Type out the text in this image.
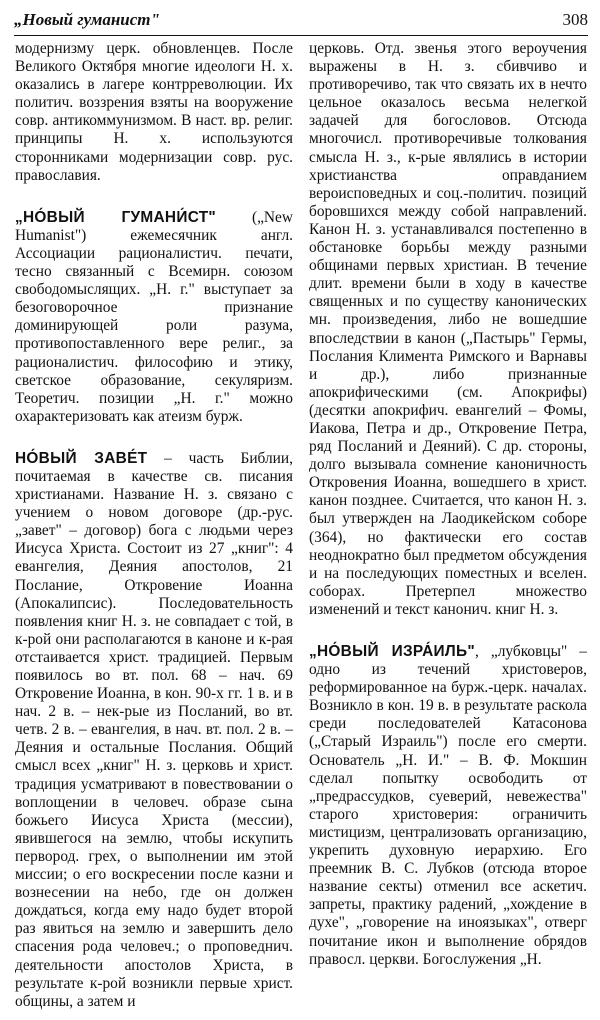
„Новый гуманист"	308

модернизму церк. обновленцев. После Великого Октября многие идеологи Н. х. оказались в лагере контрреволюции. Их политич. воззрения взяты на вооружение совр. антикоммунизмом. В наст. вр. религ. принципы Н. х. используются сторонниками модернизации совр. рус. православия.

„НО́ВЫЙ ГУМАНИ́СТ" („New Humanist") ежемесячник англ. Ассоциации рационалистич. печати, тесно связанный с Всемирн. союзом свободомыслящих. „Н. г." выступает за безоговорочное признание доминирующей роли разума, противопоставленного вере религ., за рационалистич. философию и этику, светское образование, секуляризм. Теоретич. позиции „Н. г." можно охарактеризовать как атеизм бурж.

НО́ВЫЙ ЗАВЕ́Т – часть Библии, почитаемая в качестве св. писания христианами. Название Н. з. связано с учением о новом договоре (др.-рус. „завет" – договор) бога с людьми через Иисуса Христа. Состоит из 27 „книг": 4 евангелия, Деяния апостолов, 21 Послание, Откровение Иоанна (Апокалипсис). Последовательность появления книг Н. з. не совпадает с той, в к-рой они располагаются в каноне и к-рая отстаивается христ. традицией. Первым появилось во вт. пол. 68 – нач. 69 Откровение Иоанна, в кон. 90-х гг. 1 в. и в нач. 2 в. – нек-рые из Посланий, во вт. четв. 2 в. – евангелия, в нач. вт. пол. 2 в. – Деяния и остальные Послания. Общий смысл всех „книг" Н. з. церковь и христ. традиция усматривают в повествовании о воплощении в человеч. образе сына божьего Иисуса Христа (мессии), явившегося на землю, чтобы искупить первород. грех, о выполнении им этой миссии; о его воскресении после казни и вознесении на небо, где он должен дождаться, когда ему надо будет второй раз явиться на землю и завершить дело спасения рода человеч.; о проповеднич. деятельности апостолов Христа, в результате к-рой возникли первые христ. общины, а затем и

церковь. Отд. звенья этого вероучения выражены в Н. з. сбивчиво и противоречиво, так что связать их в нечто цельное оказалось весьма нелегкой задачей для богословов. Отсюда многочисл. противоречивые толкования смысла Н. з., к-рые являлись в истории христианства оправданием вероисповедных и соц.-политич. позиций боровшихся между собой направлений. Канон Н. з. устанавливался постепенно в обстановке борьбы между разными общинами первых христиан. В течение длит. времени были в ходу в качестве священных и по существу канонических мн. произведения, либо не вошедшие впоследствии в канон („Пастырь" Гермы, Послания Климента Римского и Варнавы и др.), либо признанные апокрифическими (см. Апокрифы) (десятки апокрифич. евангелий – Фомы, Иакова, Петра и др., Откровение Петра, ряд Посланий и Деяний). С др. стороны, долго вызывала сомнение каноничность Откровения Иоанна, вошедшего в христ. канон позднее. Считается, что канон Н. з. был утвержден на Лаодикейском соборе (364), но фактически его состав неоднократно был предметом обсуждения и на последующих поместных и вселен. соборах. Претерпел множество изменений и текст канонич. книг Н. з.

„НО́ВЫЙ ИЗРА́ИЛЬ", „лубковцы" – одно из течений христоверов, реформированное на бурж.-церк. началах. Возникло в кон. 19 в. в результате раскола среди последователей Катасонова („Старый Израиль") после его смерти. Основатель „Н. И." – В. Ф. Мокшин сделал попытку освободить от „предрассудков, суеверий, невежества" старого христоверия: ограничить мистицизм, централизовать организацию, укрепить духовную иерархию. Его преемник В. С. Лубков (отсюда второе название секты) отменил все аскетич. запреты, практику радений, „хождение в духе", „говорение на иноязыках", отверг почитание икон и выполнение обрядов правосл. церкви. Богослужения „Н.
